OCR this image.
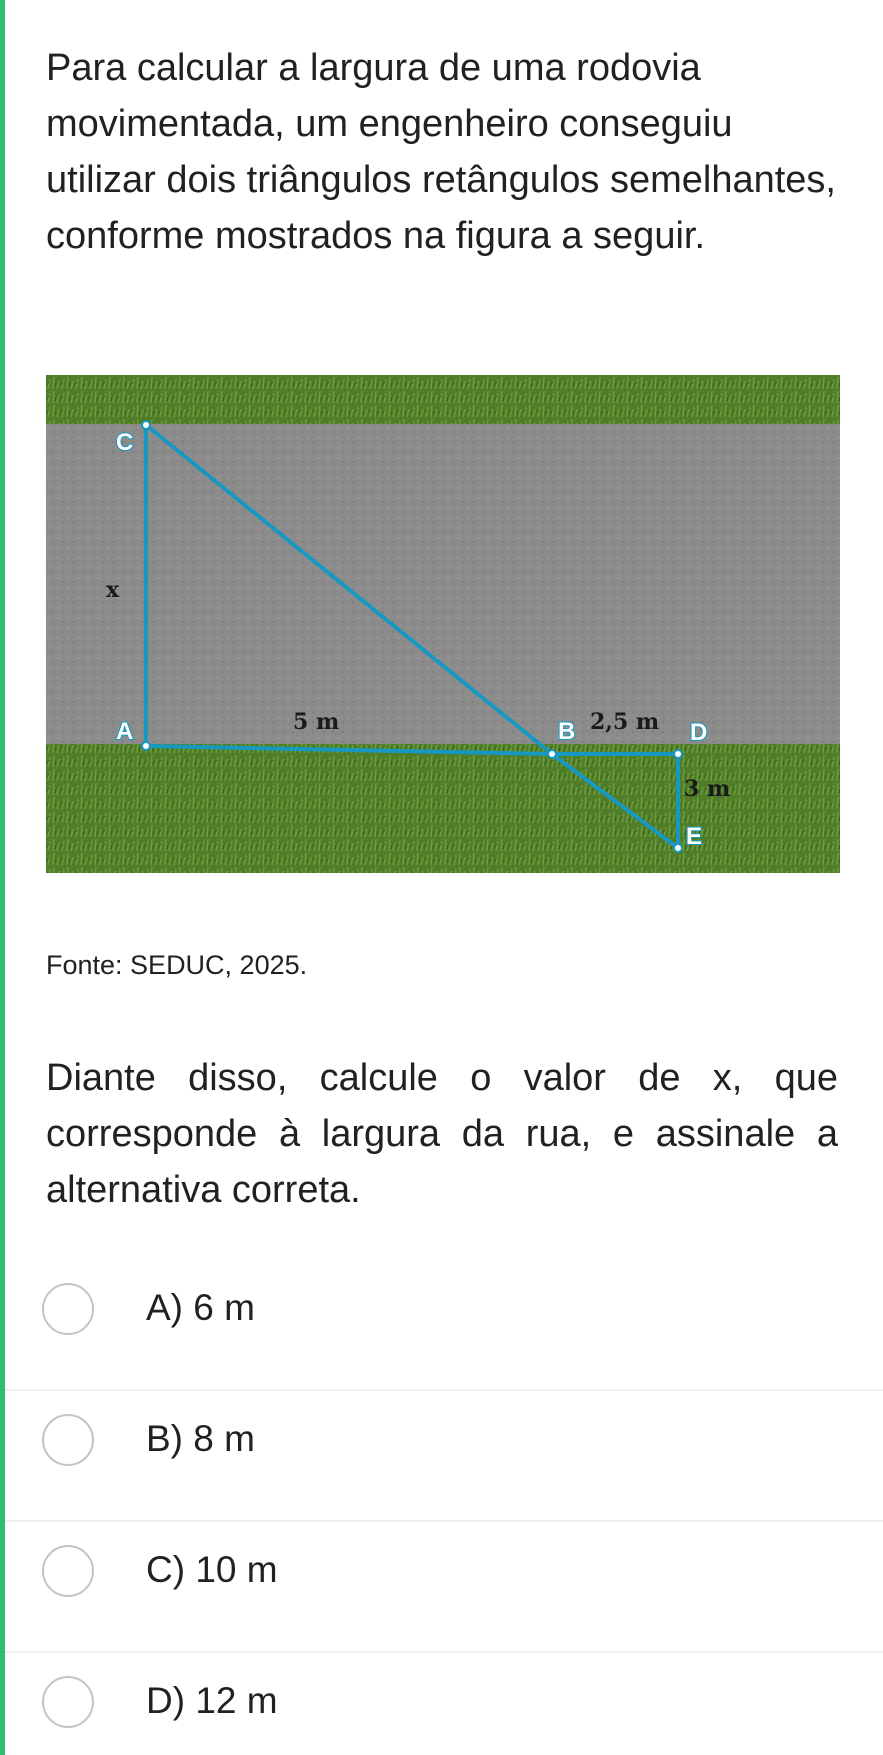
Para calcular a largura de uma rodovia movimentada, um engenheiro conseguiu utilizar dois triângulos retângulos semelhantes, conforme mostrados na figura a seguir.

C
A	B	D
E
x
5 m	2,5 m
3 m

Fonte: SEDUC, 2025.

Diante disso, calcule o valor de x, que corresponde à largura da rua, e assinale a alternativa correta.

A) 6 m
B) 8 m
C) 10 m
D) 12 m
